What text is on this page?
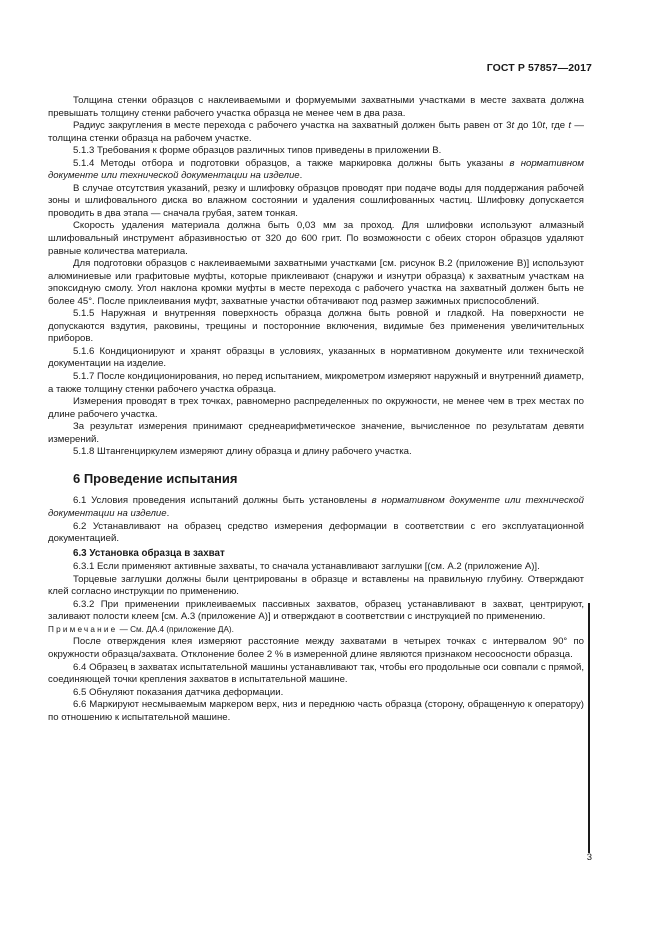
ГОСТ Р 57857—2017

Толщина стенки образцов с наклеиваемыми и формуемыми захватными участками в месте захвата должна превышать толщину стенки рабочего участка образца не менее чем в два раза.

Радиус закругления в месте перехода с рабочего участка на захватный должен быть равен от 3t до 10t, где t — толщина стенки образца на рабочем участке.

5.1.3 Требования к форме образцов различных типов приведены в приложении В.

5.1.4 Методы отбора и подготовки образцов, а также маркировка должны быть указаны в нормативном документе или технической документации на изделие.

В случае отсутствия указаний, резку и шлифовку образцов проводят при подаче воды для поддержания рабочей зоны и шлифовального диска во влажном состоянии и удаления сошлифованных частиц. Шлифовку допускается проводить в два этапа — сначала грубая, затем тонкая.

Скорость удаления материала должна быть 0,03 мм за проход. Для шлифовки используют алмазный шлифовальный инструмент абразивностью от 320 до 600 грит. По возможности с обеих сторон образцов удаляют равные количества материала.

Для подготовки образцов с наклеиваемыми захватными участками [см. рисунок В.2 (приложение В)] используют алюминиевые или графитовые муфты, которые приклеивают (снаружи и изнутри образца) к захватным участкам на эпоксидную смолу. Угол наклона кромки муфты в месте перехода с рабочего участка на захватный должен быть не более 45°. После приклеивания муфт, захватные участки обтачивают под размер зажимных приспособлений.

5.1.5 Наружная и внутренняя поверхность образца должна быть ровной и гладкой. На поверхности не допускаются вздутия, раковины, трещины и посторонние включения, видимые без применения увеличительных приборов.

5.1.6 Кондиционируют и хранят образцы в условиях, указанных в нормативном документе или технической документации на изделие.

5.1.7 После кондиционирования, но перед испытанием, микрометром измеряют наружный и внутренний диаметр, а также толщину стенки рабочего участка образца.

Измерения проводят в трех точках, равномерно распределенных по окружности, не менее чем в трех местах по длине рабочего участка.

За результат измерения принимают среднеарифметическое значение, вычисленное по результатам девяти измерений.

5.1.8 Штангенциркулем измеряют длину образца и длину рабочего участка.

6 Проведение испытания

6.1 Условия проведения испытаний должны быть установлены в нормативном документе или технической документации на изделие.

6.2 Устанавливают на образец средство измерения деформации в соответствии с его эксплуатационной документацией.

6.3 Установка образца в захват

6.3.1 Если применяют активные захваты, то сначала устанавливают заглушки [(см. А.2 (приложение А)].

Торцевые заглушки должны были центрированы в образце и вставлены на правильную глубину. Отверждают клей согласно инструкции по применению.

6.3.2 При применении приклеиваемых пассивных захватов, образец устанавливают в захват, центрируют, заливают полости клеем [см. А.3 (приложение А)] и отверждают в соответствии с инструкцией по применению.

Примечание — См. ДА.4 (приложение ДА).

После отверждения клея измеряют расстояние между захватами в четырех точках с интервалом 90° по окружности образца/захвата. Отклонение более 2 % в измеренной длине являются признаком несоосности образца.

6.4 Образец в захватах испытательной машины устанавливают так, чтобы его продольные оси совпали с прямой, соединяющей точки крепления захватов в испытательной машине.

6.5 Обнуляют показания датчика деформации.

6.6 Маркируют несмываемым маркером верх, низ и переднюю часть образца (сторону, обращенную к оператору) по отношению к испытательной машине.

3
